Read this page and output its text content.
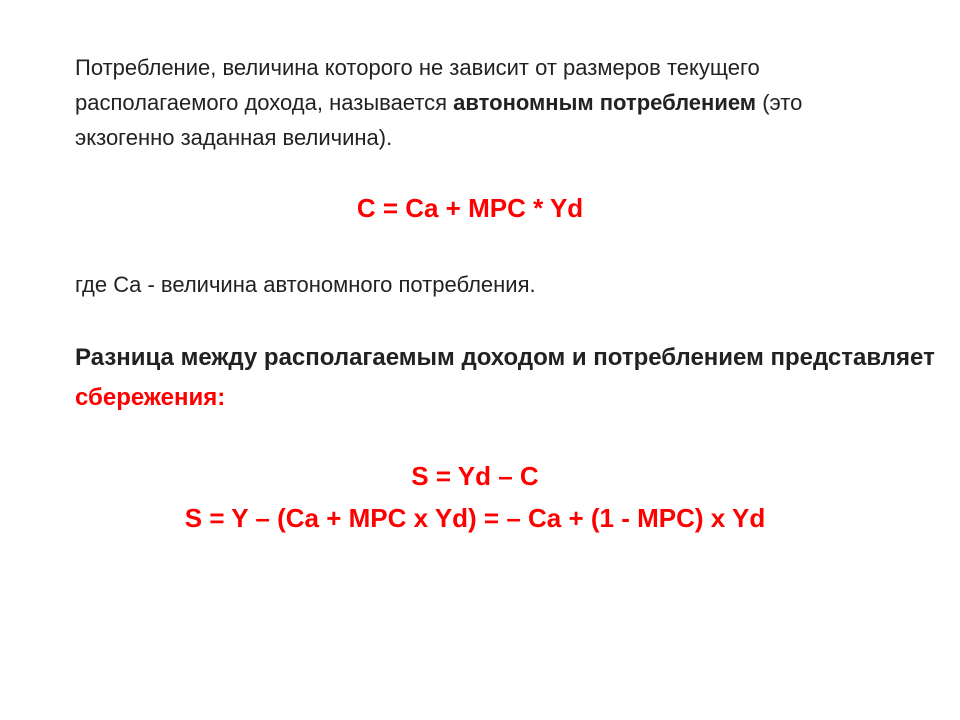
Потребление, величина которого не зависит от размеров текущего располагаемого дохода, называется автономным потреблением (это экзогенно заданная величина).
C = Ca + MPC * Yd
где Ca - величина автономного потребления.
Разница между располагаемым доходом и потреблением представляет сбережения:
S = Yd – C
S = Y – (Ca + MPC x Yd) = – Ca + (1 - MPC) x Yd
